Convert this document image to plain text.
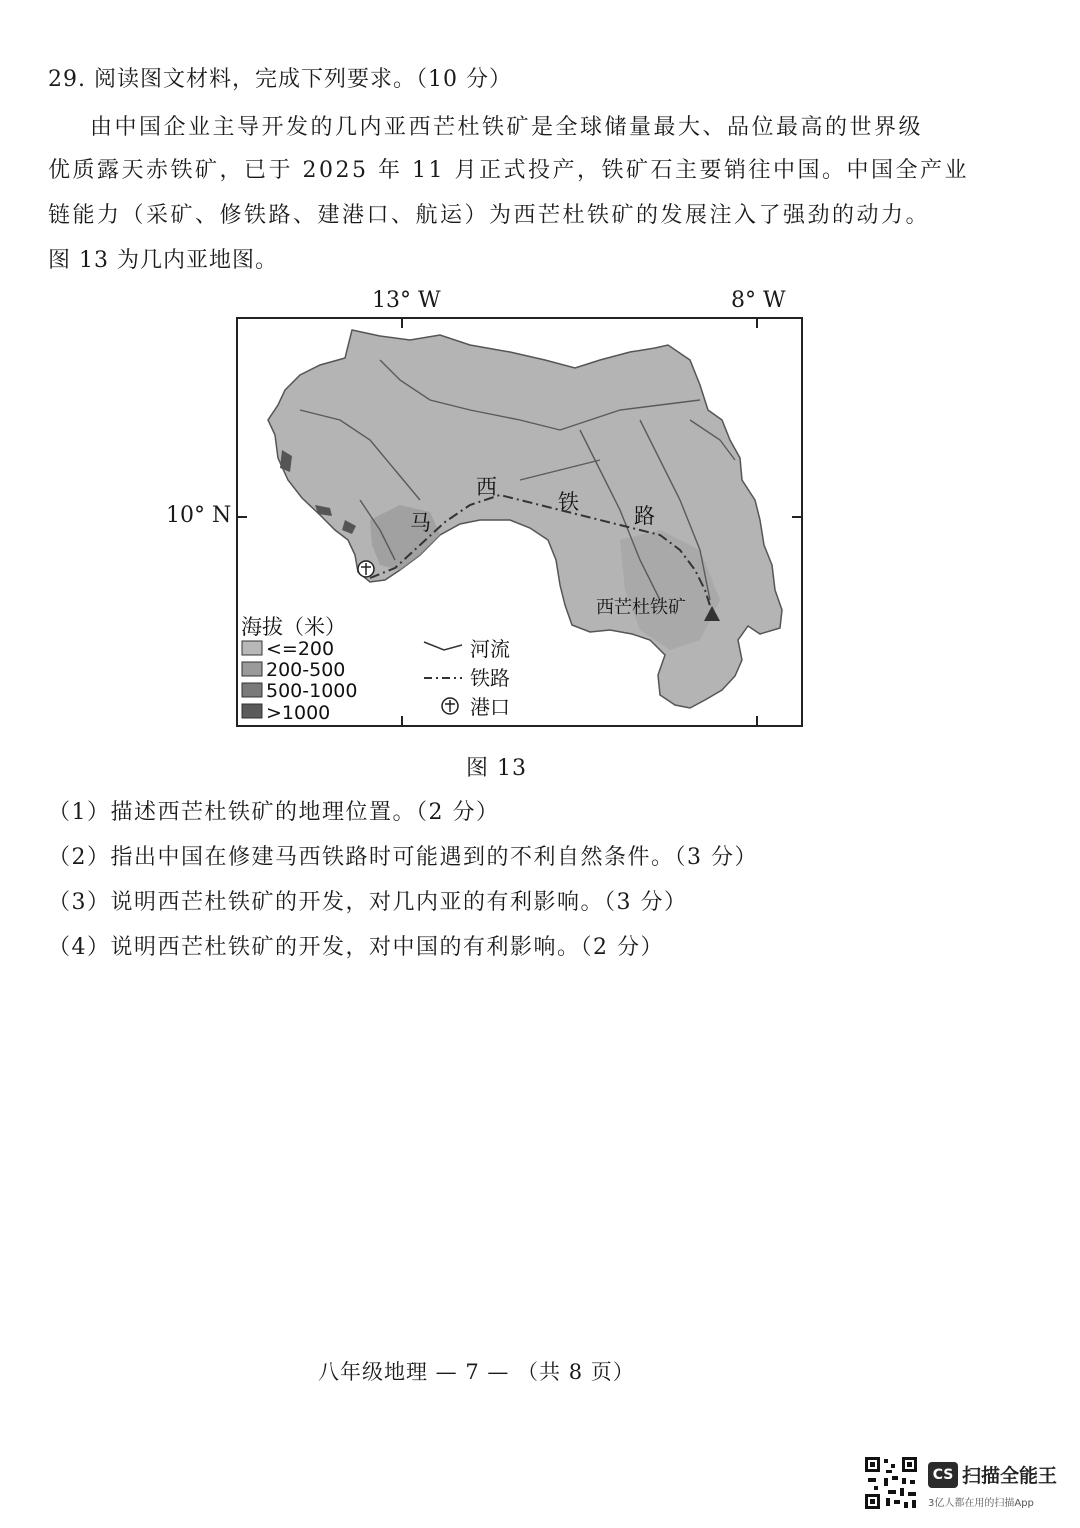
29. 阅读图文材料，完成下列要求。（10 分）
由中国企业主导开发的几内亚西芒杜铁矿是全球储量最大、品位最高的世界级
优质露天赤铁矿，已于 2025 年 11 月正式投产，铁矿石主要销往中国。中国全产业
链能力（采矿、修铁路、建港口、航运）为西芒杜铁矿的发展注入了强劲的动力。
图 13 为几内亚地图。
马
西
铁
路
西芒杜铁矿
海拔（米）
<=200
200-500
500-1000
>1000
河流
铁路
港口
13° W	8° W
10° N
图 13
（1）描述西芒杜铁矿的地理位置。（2 分）
（2）指出中国在修建马西铁路时可能遇到的不利自然条件。（3 分）
（3）说明西芒杜铁矿的开发，对几内亚的有利影响。（3 分）
（4）说明西芒杜铁矿的开发，对中国的有利影响。（2 分）
八年级地理 — 7 — （共 8 页）
CS 扫描全能王
3亿人都在用的扫描App
